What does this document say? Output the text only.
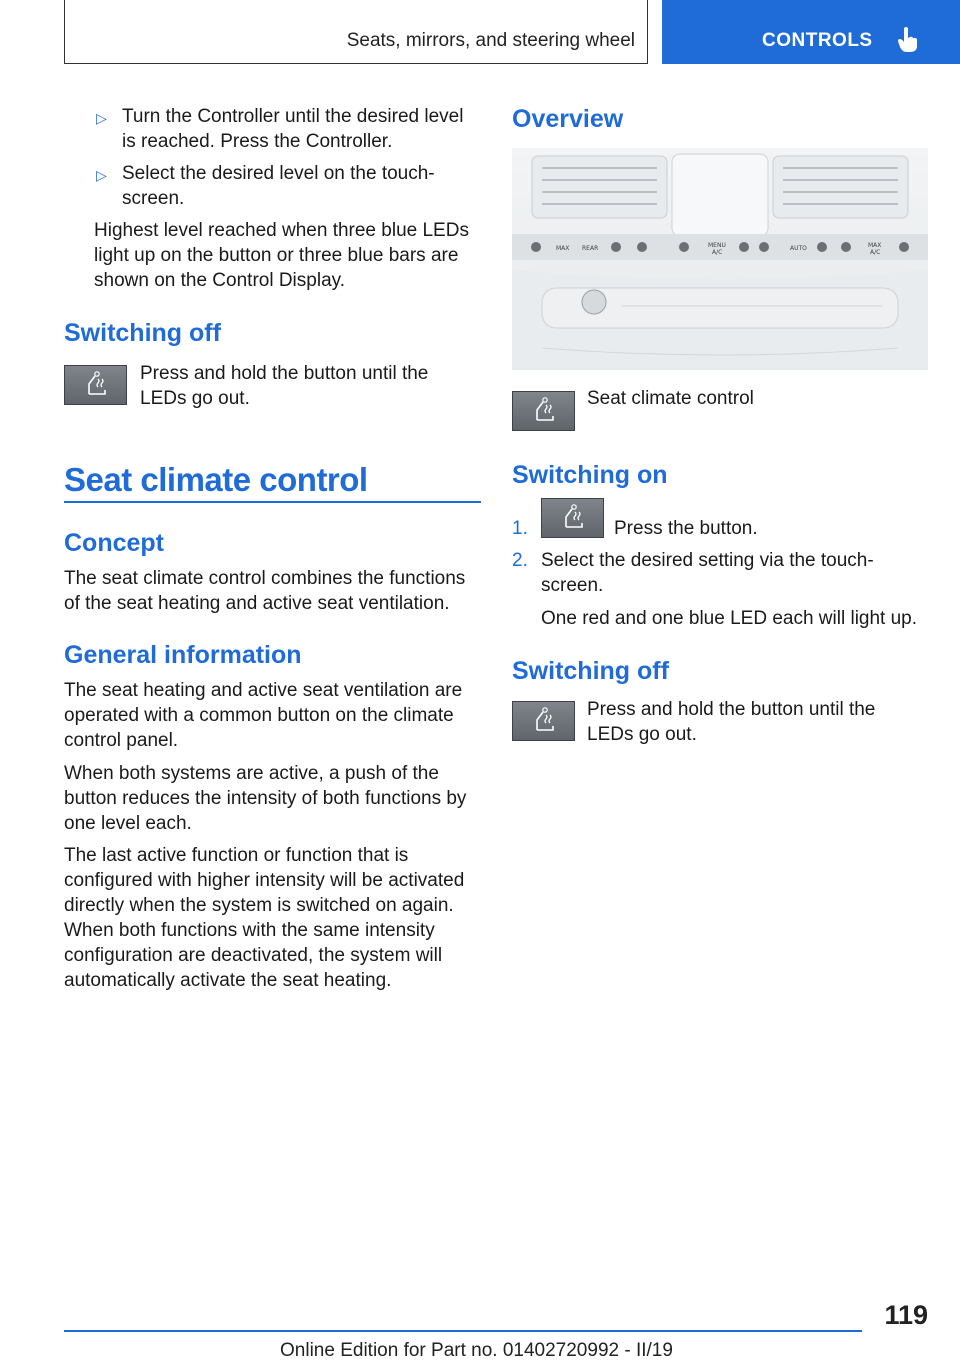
Seats, mirrors, and steering wheel	CONTROLS
▷ Turn the Controller until the desired level is reached. Press the Controller.
▷ Select the desired level on the touch-screen.
Highest level reached when three blue LEDs light up on the button or three blue bars are shown on the Control Display.
Switching off
Press and hold the button until the LEDs go out.
Seat climate control
Concept
The seat climate control combines the functions of the seat heating and active seat ventilation.
General information
The seat heating and active seat ventilation are operated with a common button on the climate control panel.
When both systems are active, a push of the button reduces the intensity of both functions by one level each.
The last active function or function that is configured with higher intensity will be activated directly when the system is switched on again. When both functions with the same intensity configuration are deactivated, the system will automatically activate the seat heating.
Overview
MAX REAR	MENU
A/C
AUTO	MAX
A/C
Seat climate control
Switching on
1.	Press the button.
2. Select the desired setting via the touch-screen.
One red and one blue LED each will light up.
Switching off
Press and hold the button until the LEDs go out.
119
Online Edition for Part no. 01402720992 - II/19
